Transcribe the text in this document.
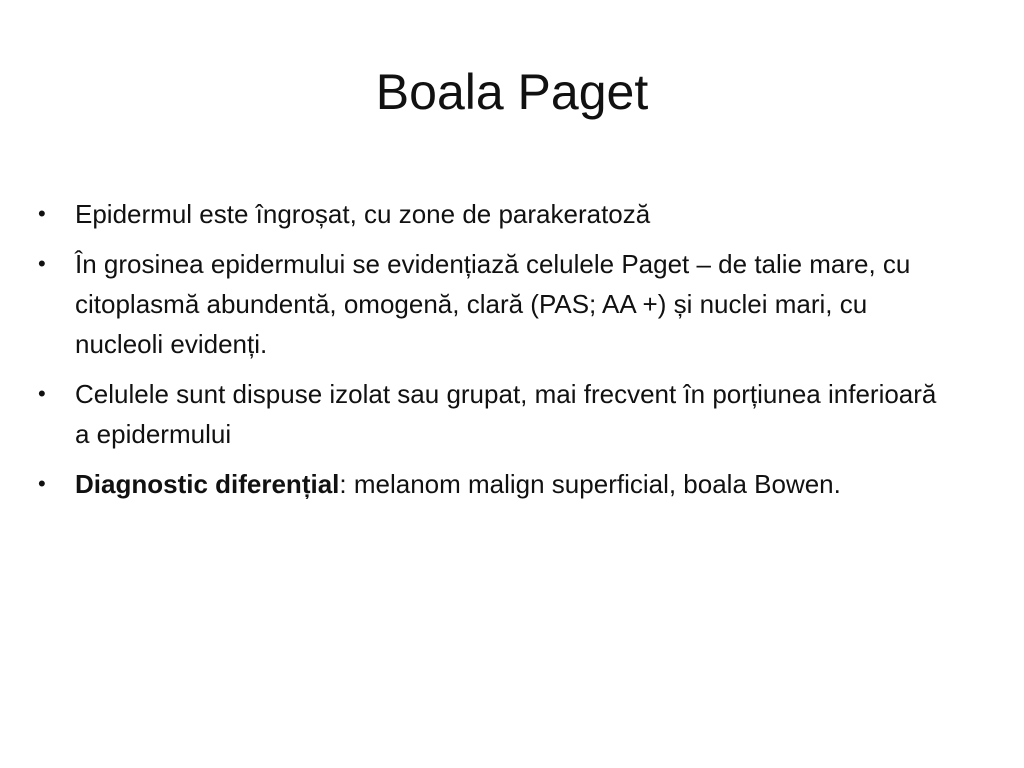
Boala Paget
• Epidermul este îngroșat, cu zone de parakeratoză
• În grosinea epidermului se evidențiază celulele Paget – de talie mare, cu citoplasmă abundentă, omogenă, clară (PAS; AA +) și nuclei mari, cu nucleoli evidenți.
• Celulele sunt dispuse izolat sau grupat, mai frecvent în porțiunea inferioară a epidermului
• Diagnostic diferențial: melanom malign superficial, boala Bowen.
